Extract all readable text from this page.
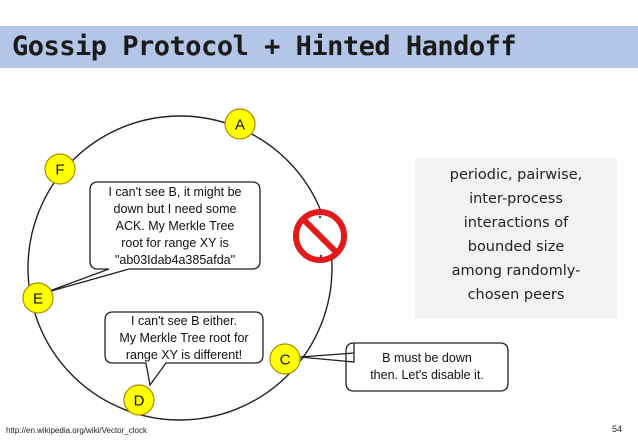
Gossip Protocol + Hinted Handoff
A
F
E
D
C
I can't see B, it might be
down but I need some
ACK. My Merkle Tree
root for range XY is
"ab03Idab4a385afda"
I can't see B either.
My Merkle Tree root for
range XY is different!	B must be down
then. Let's disable it.
periodic, pairwise,
inter-process
interactions of
bounded size
among randomly-
chosen peers
http://en.wikipedia.org/wiki/Vector_clock	54
